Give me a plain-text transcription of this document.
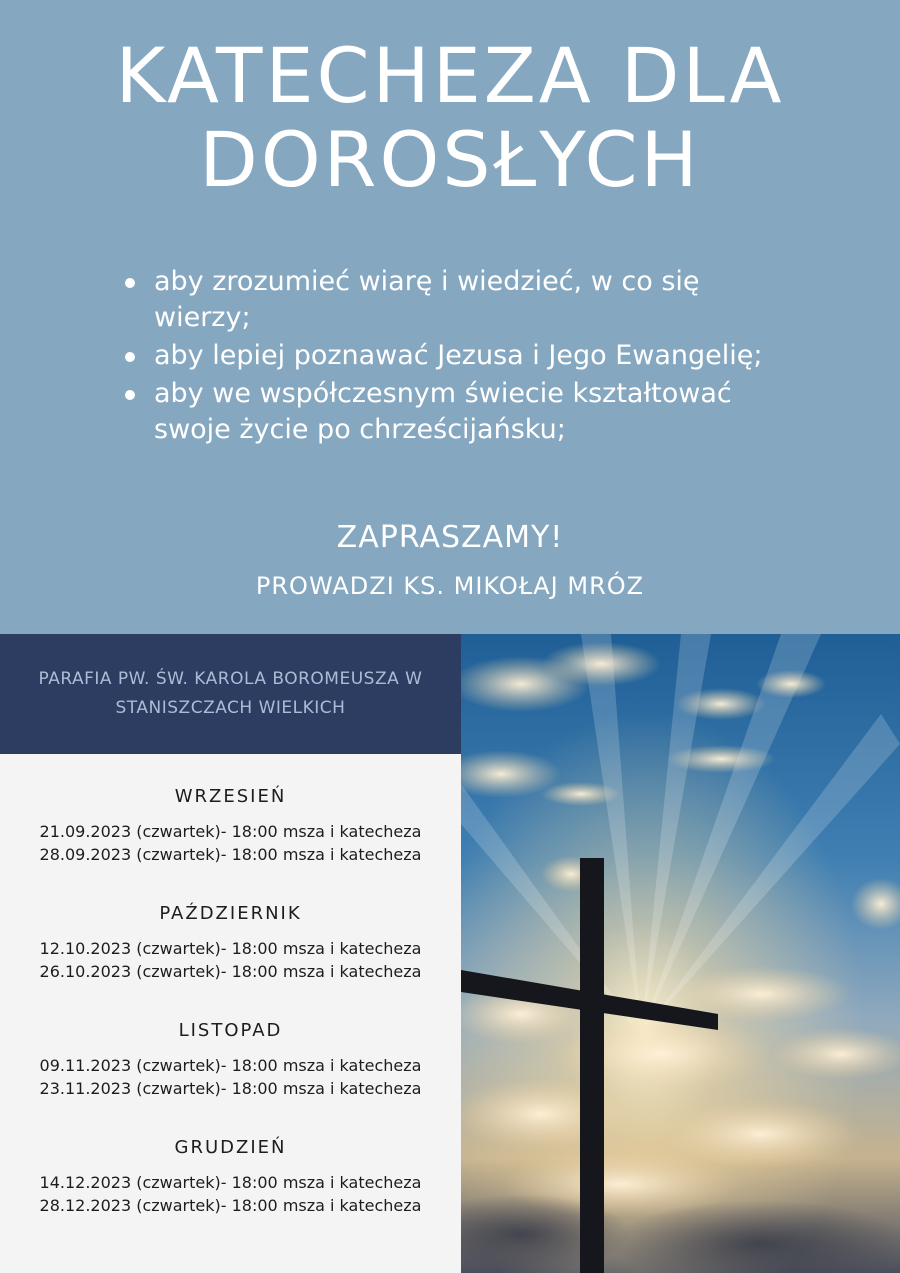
KATECHEZA DLA
DOROSŁYCH
aby zrozumieć wiarę i wiedzieć, w co się wierzy;
aby lepiej poznawać Jezusa i Jego Ewangelię;
aby we współczesnym świecie kształtować swoje życie po chrześcijańsku;
ZAPRASZAMY!
PROWADZI KS. MIKOŁAJ MRÓZ
PARAFIA PW. ŚW. KAROLA BOROMEUSZA W STANISZCZACH WIELKICH
WRZESIEŃ
21.09.2023 (czwartek)- 18:00 msza i katecheza
28.09.2023 (czwartek)- 18:00 msza i katecheza
PAŹDZIERNIK
12.10.2023 (czwartek)- 18:00 msza i katecheza
26.10.2023 (czwartek)- 18:00 msza i katecheza
LISTOPAD
09.11.2023 (czwartek)- 18:00 msza i katecheza
23.11.2023 (czwartek)- 18:00 msza i katecheza
GRUDZIEŃ
14.12.2023 (czwartek)- 18:00 msza i katecheza
28.12.2023 (czwartek)- 18:00 msza i katecheza
